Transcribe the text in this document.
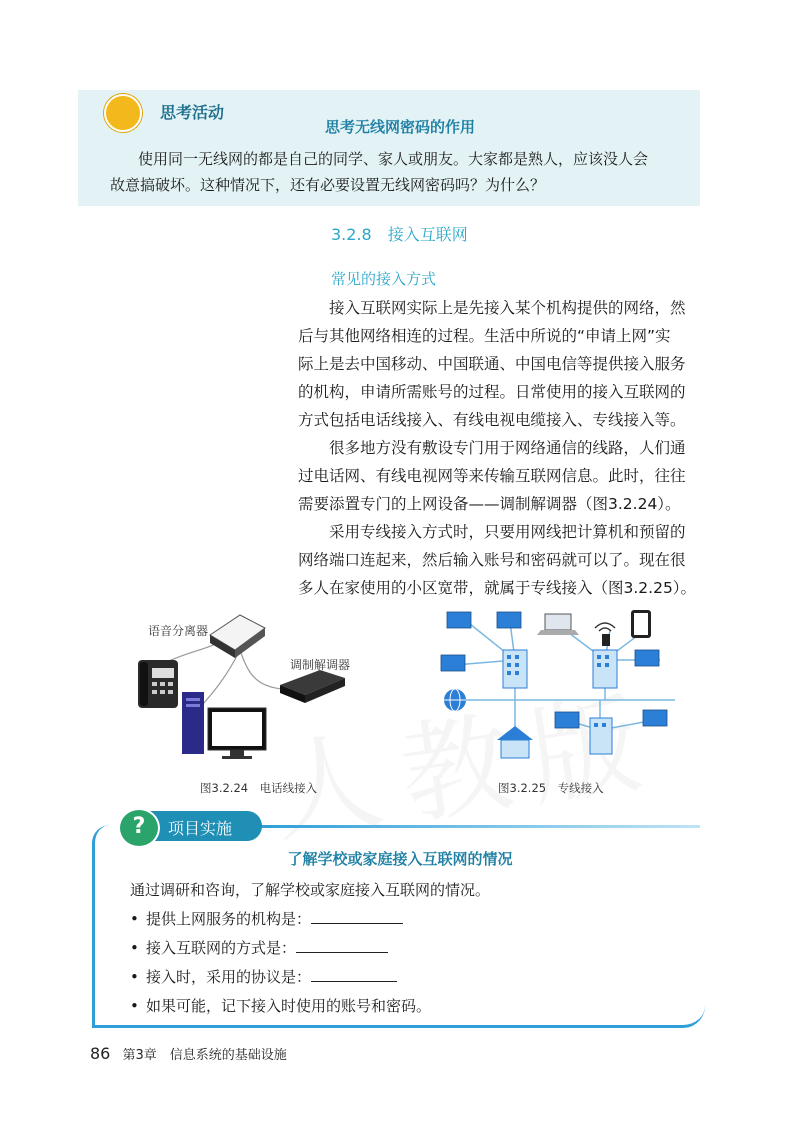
思考活动
思考无线网密码的作用
使用同一无线网的都是自己的同学、家人或朋友。大家都是熟人，应该没人会
故意搞破坏。这种情况下，还有必要设置无线网密码吗？为什么？
3.2.8　接入互联网
常见的接入方式
接入互联网实际上是先接入某个机构提供的网络，然
后与其他网络相连的过程。生活中所说的“申请上网”实
际上是去中国移动、中国联通、中国电信等提供接入服务
的机构，申请所需账号的过程。日常使用的接入互联网的
方式包括电话线接入、有线电视电缆接入、专线接入等。
很多地方没有敷设专门用于网络通信的线路，人们通
过电话网、有线电视网等来传输互联网信息。此时，往往
需要添置专门的上网设备——调制解调器（图3.2.24）。
采用专线接入方式时，只要用网线把计算机和预留的
网络端口连起来，然后输入账号和密码就可以了。现在很
多人在家使用的小区宽带，就属于专线接入（图3.2.25）。
语音分离器
调制解调器
图3.2.24　电话线接入	图3.2.25　专线接入
?	项目实施
了解学校或家庭接入互联网的情况
通过调研和咨询，了解学校或家庭接入互联网的情况。
• 提供上网服务的机构是：
• 接入互联网的方式是：
• 接入时，采用的协议是：
• 如果可能，记下接入时使用的账号和密码。
86 第3章　信息系统的基础设施
